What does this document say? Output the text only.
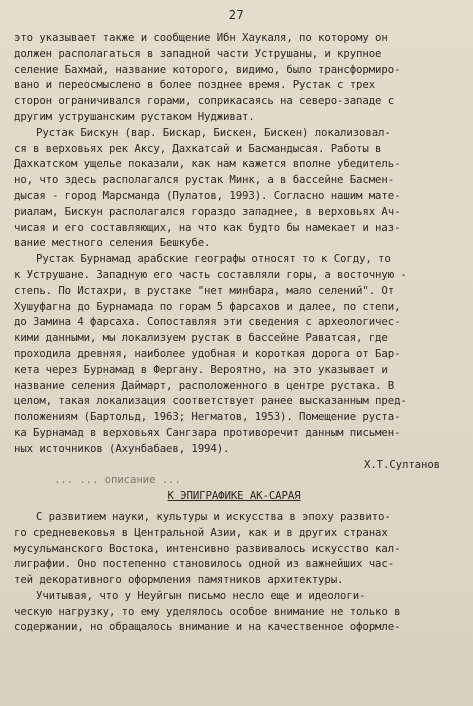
27
это указывает также и сообщение Ибн Хаукаля, по которому он
должен располагаться в западной части Уструшаны, и крупное
селение Бахмай, название которого, видимо, было трансформиро-
вано и переосмыслено в более позднее время. Рустак с трех
сторон ограничивался горами, соприкасаясь на северо-западе с
другим уструшанским рустаком Нудживат.
Рустак Бискун (вар. Бискар, Бискен, Бискен) локализовал-
ся в верховьях рек Аксу, Дахкатсай и Басмандысая. Работы в
Дахкатском ущелье показали, как нам кажется вполне убедитель-
но, что здесь располагался рустак Минк, а в бассейне Басмен-
дысая - город Марсманда (Пулатов, 1993). Согласно нашим мате-
риалам, Бискун располагался гораздо западнее, в верховьях Ач-
чисая и его составляющих, на что как будто бы намекает и наз-
вание местного селения Бешкубе.
Рустак Бурнамад арабские географы относят то к Согду, то
к Уструшане. Западную его часть составляли горы, а восточную -
степь. По Истахри, в рустаке "нет минбара, мало селений". От
Хушуфагна до Бурнамада по горам 5 фарсахов и далее, по степи,
до Замина 4 фарсаха. Сопоставляя эти сведения с археологичес-
кими данными, мы локализуем рустак в бассейне Раватсая, где
проходила древняя, наиболее удобная и короткая дорога от Бар-
кета через Бурнамад в Фергану. Вероятно, на это указывает и
название селения Даймарт, расположенного в центре рустака. В
целом, такая локализация соответствует ранее высказанным пред-
положениям (Бартольд, 1963; Негматов, 1953). Помещение руста-
ка Бурнамад в верховьях Сангзара противоречит данным письмен-
ных источников (Ахунбабаев, 1994).
Х.Т.Султанов
... ... описание ...
К ЭПИГРАФИКЕ АК-САРАЯ
С развитием науки, культуры и искусства в эпоху развито-
го средневековья в Центральной Азии, как и в других странах
мусульманского Востока, интенсивно развивалось искусство кал-
лиграфии. Оно постепенно становилось одной из важнейших час-
тей декоративного оформления памятников архитектуры.
Учитывая, что у Неуйгын письмо несло еще и идеологи-
ческую нагрузку, то ему уделялось особое внимание не только в
содержании, но обращалось внимание и на качественное оформле-
